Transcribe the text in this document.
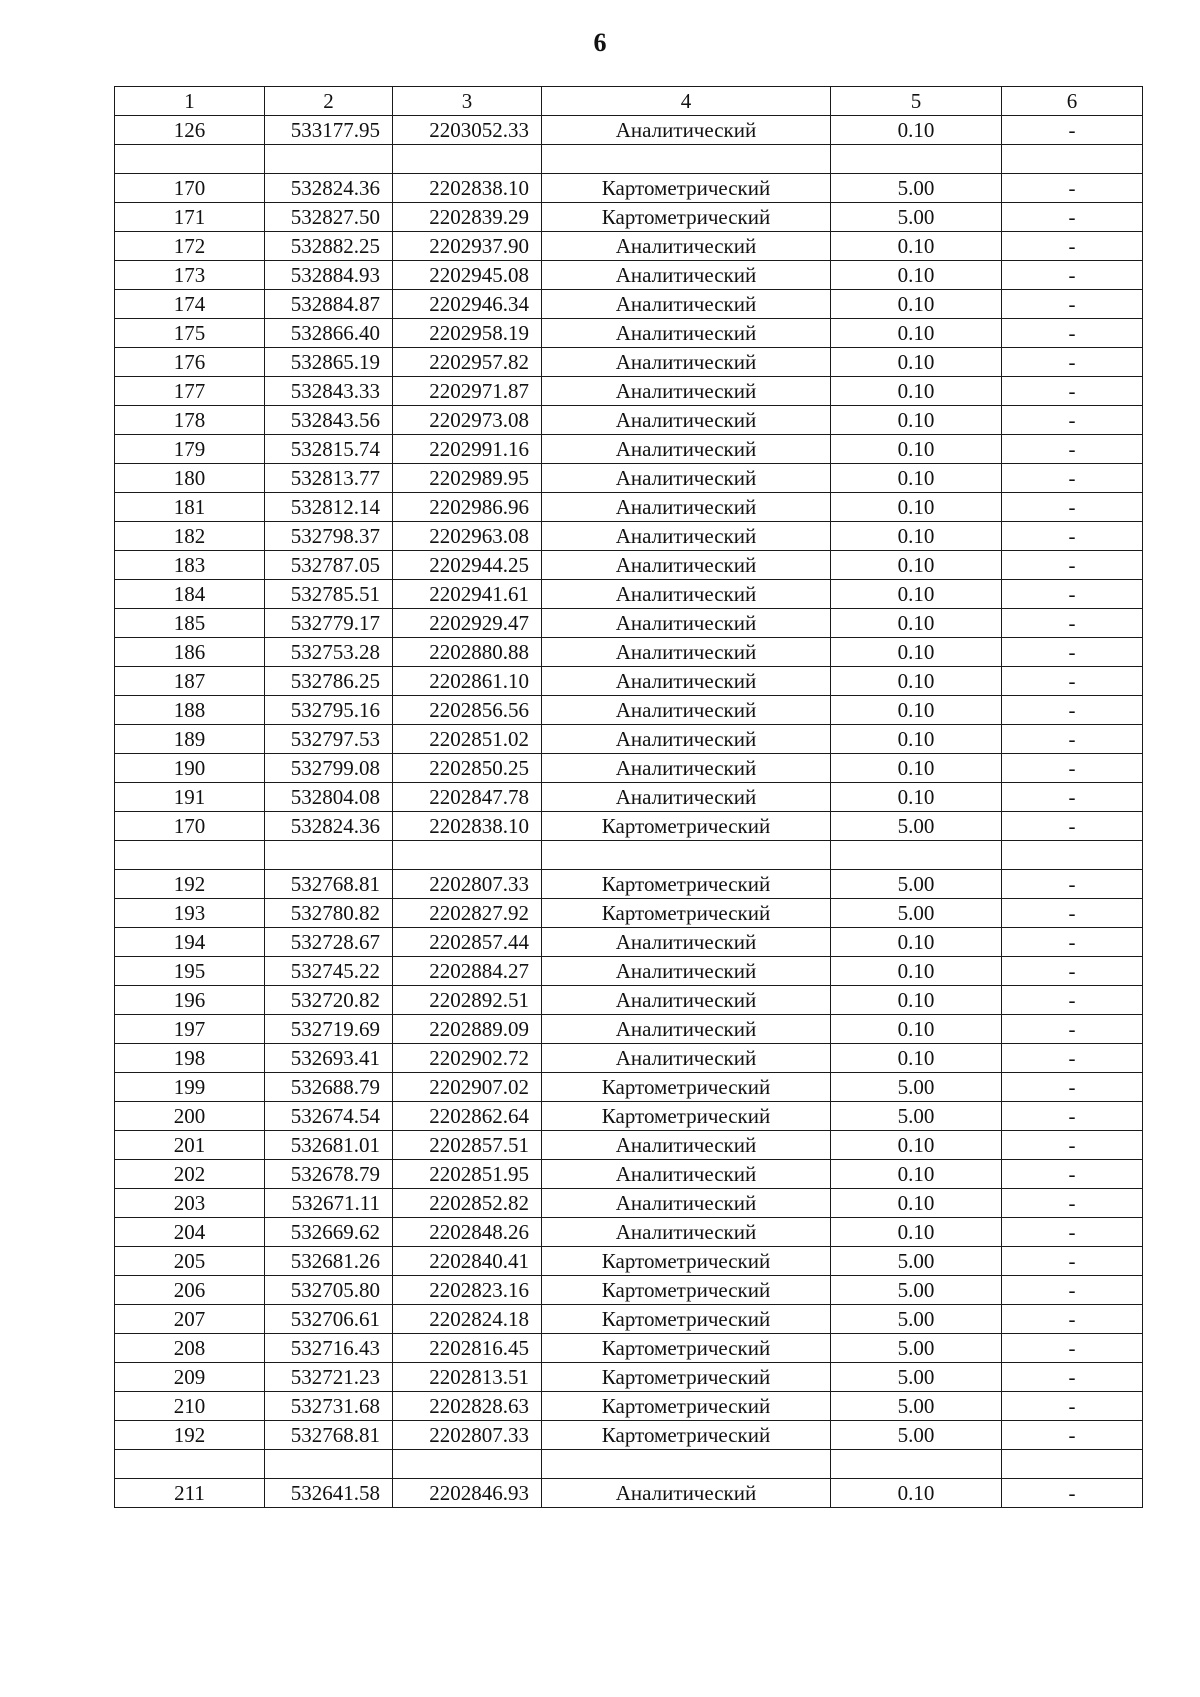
6
1	2	3	4	5	6
126	533177.95	2203052.33	Аналитический	0.10	-

170	532824.36	2202838.10	Картометрический	5.00	-
171	532827.50	2202839.29	Картометрический	5.00	-
172	532882.25	2202937.90	Аналитический	0.10	-
173	532884.93	2202945.08	Аналитический	0.10	-
174	532884.87	2202946.34	Аналитический	0.10	-
175	532866.40	2202958.19	Аналитический	0.10	-
176	532865.19	2202957.82	Аналитический	0.10	-
177	532843.33	2202971.87	Аналитический	0.10	-
178	532843.56	2202973.08	Аналитический	0.10	-
179	532815.74	2202991.16	Аналитический	0.10	-
180	532813.77	2202989.95	Аналитический	0.10	-
181	532812.14	2202986.96	Аналитический	0.10	-
182	532798.37	2202963.08	Аналитический	0.10	-
183	532787.05	2202944.25	Аналитический	0.10	-
184	532785.51	2202941.61	Аналитический	0.10	-
185	532779.17	2202929.47	Аналитический	0.10	-
186	532753.28	2202880.88	Аналитический	0.10	-
187	532786.25	2202861.10	Аналитический	0.10	-
188	532795.16	2202856.56	Аналитический	0.10	-
189	532797.53	2202851.02	Аналитический	0.10	-
190	532799.08	2202850.25	Аналитический	0.10	-
191	532804.08	2202847.78	Аналитический	0.10	-
170	532824.36	2202838.10	Картометрический	5.00	-

192	532768.81	2202807.33	Картометрический	5.00	-
193	532780.82	2202827.92	Картометрический	5.00	-
194	532728.67	2202857.44	Аналитический	0.10	-
195	532745.22	2202884.27	Аналитический	0.10	-
196	532720.82	2202892.51	Аналитический	0.10	-
197	532719.69	2202889.09	Аналитический	0.10	-
198	532693.41	2202902.72	Аналитический	0.10	-
199	532688.79	2202907.02	Картометрический	5.00	-
200	532674.54	2202862.64	Картометрический	5.00	-
201	532681.01	2202857.51	Аналитический	0.10	-
202	532678.79	2202851.95	Аналитический	0.10	-
203	532671.11	2202852.82	Аналитический	0.10	-
204	532669.62	2202848.26	Аналитический	0.10	-
205	532681.26	2202840.41	Картометрический	5.00	-
206	532705.80	2202823.16	Картометрический	5.00	-
207	532706.61	2202824.18	Картометрический	5.00	-
208	532716.43	2202816.45	Картометрический	5.00	-
209	532721.23	2202813.51	Картометрический	5.00	-
210	532731.68	2202828.63	Картометрический	5.00	-
192	532768.81	2202807.33	Картометрический	5.00	-

211	532641.58	2202846.93	Аналитический	0.10	-
